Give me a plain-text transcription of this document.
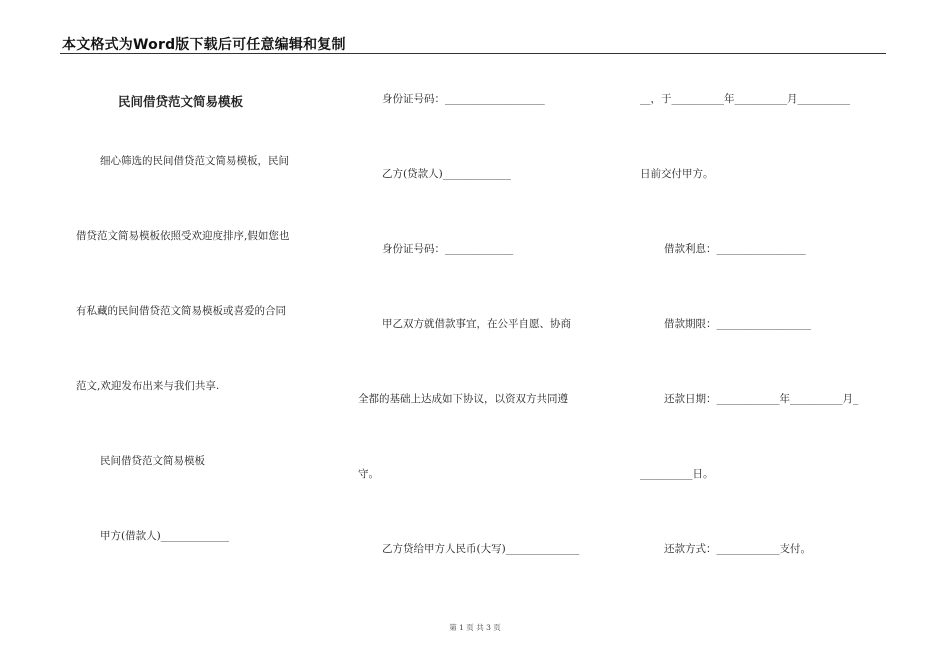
本文格式为Word版下载后可任意编辑和复制
民间借贷范文简易模板
细心筛选的民间借贷范文简易模板，民间
借贷范文简易模板依照受欢迎度排序,假如您也
有私藏的民间借贷范文简易模板或喜爱的合同
范文,欢迎发布出来与我们共享.
民间借贷范文简易模板
甲方(借款人)_____________
身份证号码：___________________
乙方(贷款人)_____________
身份证号码：_____________
甲乙双方就借款事宜，在公平自愿、协商
全都的基础上达成如下协议，以资双方共同遵
守。
乙方贷给甲方人民币(大写)______________
__，于__________年__________月__________
日前交付甲方。
借款利息：_________________
借款期限：__________________
还款日期：____________年__________月_
__________日。
还款方式：____________支付。
第 1 页 共 3 页
